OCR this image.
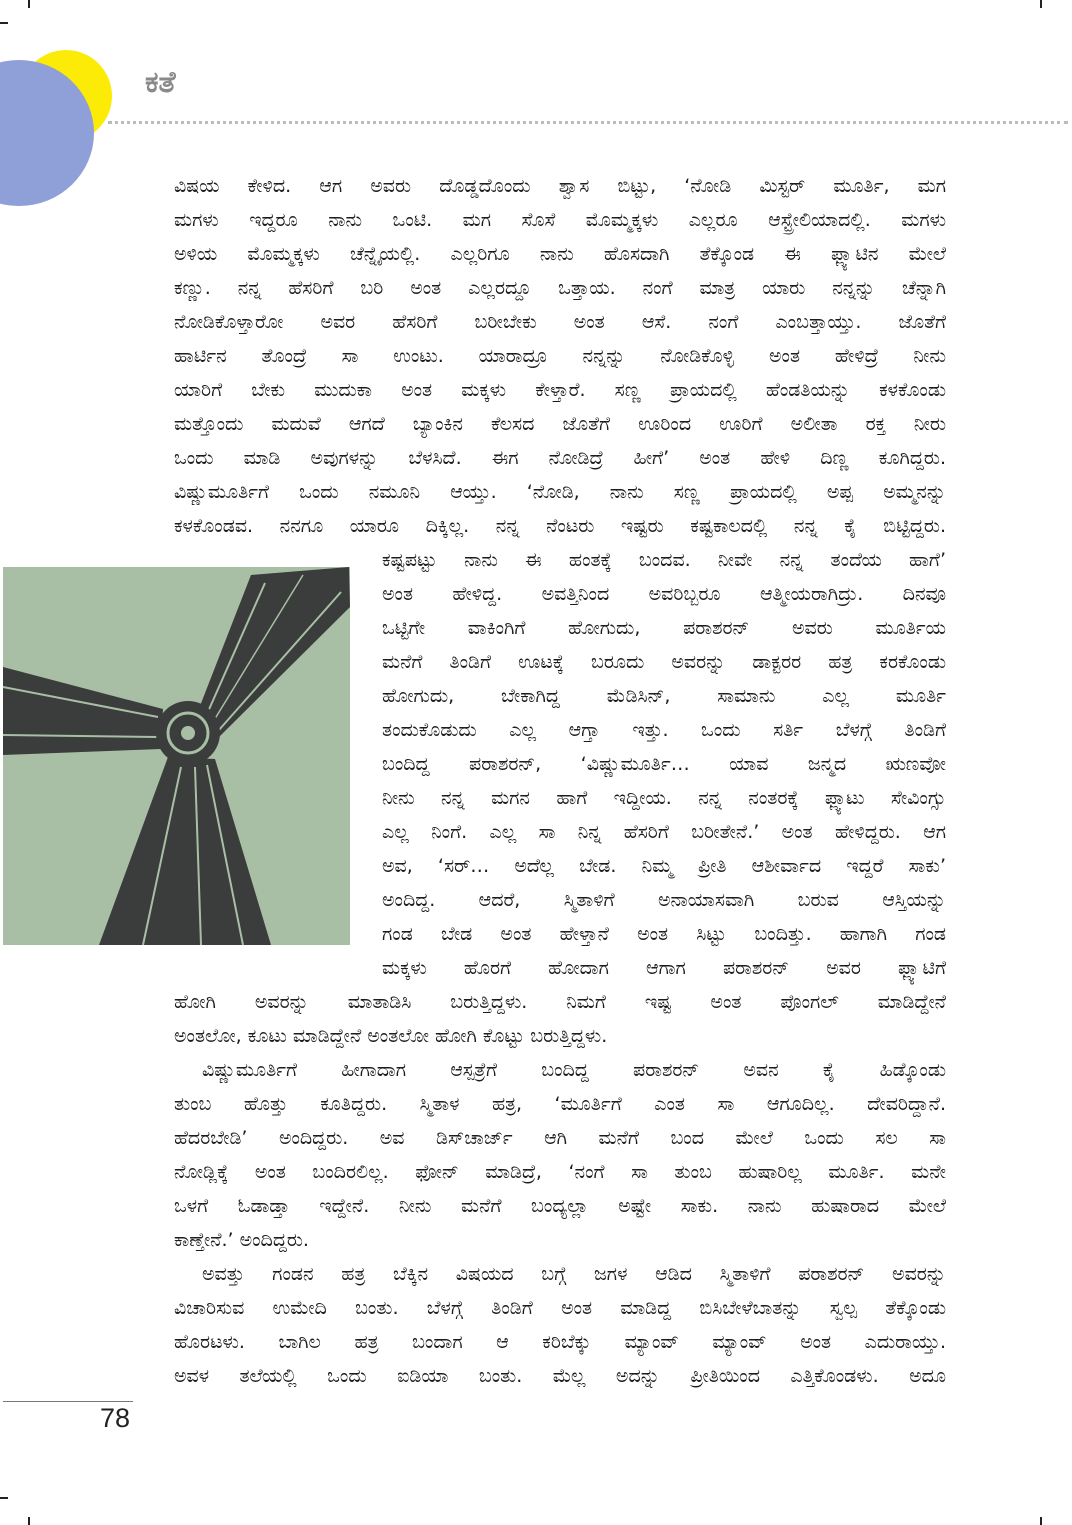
ಕತೆ
ವಿಷಯ ಕೇಳಿದ. ಆಗ ಅವರು ದೊಡ್ಡದೊಂದು ಶ್ವಾಸ ಬಿಟ್ಟು, ‘ನೋಡಿ ಮಿಸ್ಟರ್ ಮೂರ್ತಿ, ಮಗ
ಮಗಳು ಇದ್ದರೂ ನಾನು ಒಂಟಿ. ಮಗ ಸೊಸೆ ಮೊಮ್ಮಕ್ಕಳು ಎಲ್ಲರೂ ಆಸ್ಟ್ರೇಲಿಯಾದಲ್ಲಿ. ಮಗಳು
ಅಳಿಯ ಮೊಮ್ಮಕ್ಕಳು ಚೆನ್ನೈಯಲ್ಲಿ. ಎಲ್ಲರಿಗೂ ನಾನು ಹೊಸದಾಗಿ ತೆಕ್ಕೊಂಡ ಈ ಫ್ಲ್ಯಾಟಿನ ಮೇಲೆ
ಕಣ್ಣು. ನನ್ನ ಹೆಸರಿಗೆ ಬರಿ ಅಂತ ಎಲ್ಲರದ್ದೂ ಒತ್ತಾಯ. ನಂಗೆ ಮಾತ್ರ ಯಾರು ನನ್ನನ್ನು ಚೆನ್ನಾಗಿ
ನೋಡಿಕೊಳ್ತಾರೋ ಅವರ ಹೆಸರಿಗೆ ಬರೀಬೇಕು ಅಂತ ಆಸೆ. ನಂಗೆ ಎಂಬತ್ತಾಯ್ತು. ಜೊತೆಗೆ
ಹಾರ್ಟಿನ ತೊಂದ್ರೆ ಸಾ ಉಂಟು. ಯಾರಾದ್ರೂ ನನ್ನನ್ನು ನೋಡಿಕೊಳ್ಳಿ ಅಂತ ಹೇಳಿದ್ರೆ ನೀನು
ಯಾರಿಗೆ ಬೇಕು ಮುದುಕಾ ಅಂತ ಮಕ್ಕಳು ಕೇಳ್ತಾರೆ. ಸಣ್ಣ ಪ್ರಾಯದಲ್ಲಿ ಹೆಂಡತಿಯನ್ನು ಕಳಕೊಂಡು
ಮತ್ತೊಂದು ಮದುವೆ ಆಗದೆ ಬ್ಯಾಂಕಿನ ಕೆಲಸದ ಜೊತೆಗೆ ಊರಿಂದ ಊರಿಗೆ ಅಲೀತಾ ರಕ್ತ ನೀರು
ಒಂದು ಮಾಡಿ ಅವುಗಳನ್ನು ಬೆಳಸಿದೆ. ಈಗ ನೋಡಿದ್ರೆ ಹೀಗೆ’ ಅಂತ ಹೇಳಿ ದಿಣ್ಣ ಕೂಗಿದ್ದರು.
ವಿಷ್ಣುಮೂರ್ತಿಗೆ ಒಂದು ನಮೂನಿ ಆಯ್ತು. ‘ನೋಡಿ, ನಾನು ಸಣ್ಣ ಪ್ರಾಯದಲ್ಲಿ ಅಪ್ಪ ಅಮ್ಮನನ್ನು
ಕಳಕೊಂಡವ. ನನಗೂ ಯಾರೂ ದಿಕ್ಕಿಲ್ಲ. ನನ್ನ ನೆಂಟರು ಇಷ್ಟರು ಕಷ್ಟಕಾಲದಲ್ಲಿ ನನ್ನ ಕೈ ಬಿಟ್ಟಿದ್ದರು.
ಕಷ್ಟಪಟ್ಟು ನಾನು ಈ ಹಂತಕ್ಕೆ ಬಂದವ. ನೀವೇ ನನ್ನ ತಂದೆಯ ಹಾಗೆ’
ಅಂತ ಹೇಳಿದ್ದ. ಅವತ್ತಿನಿಂದ ಅವರಿಬ್ಬರೂ ಆತ್ಮೀಯರಾಗಿದ್ರು. ದಿನವೂ
ಒಟ್ಟಿಗೇ ವಾಕಿಂಗಿಗೆ ಹೋಗುದು, ಪರಾಶರನ್ ಅವರು ಮೂರ್ತಿಯ
ಮನೆಗೆ ತಿಂಡಿಗೆ ಊಟಕ್ಕೆ ಬರೂದು ಅವರನ್ನು ಡಾಕ್ಟರರ ಹತ್ರ ಕರಕೊಂಡು
ಹೋಗುದು, ಬೇಕಾಗಿದ್ದ ಮೆಡಿಸಿನ್, ಸಾಮಾನು ಎಲ್ಲ ಮೂರ್ತಿ
ತಂದುಕೊಡುದು ಎಲ್ಲ ಆಗ್ತಾ ಇತ್ತು. ಒಂದು ಸರ್ತಿ ಬೆಳಗ್ಗೆ ತಿಂಡಿಗೆ
ಬಂದಿದ್ದ ಪರಾಶರನ್, ‘ವಿಷ್ಣುಮೂರ್ತಿ… ಯಾವ ಜನ್ಮದ ಋಣವೋ
ನೀನು ನನ್ನ ಮಗನ ಹಾಗೆ ಇದ್ದೀಯ. ನನ್ನ ನಂತರಕ್ಕೆ ಫ್ಲ್ಯಾಟು ಸೇವಿಂಗ್ಸು
ಎಲ್ಲ ನಿಂಗೆ. ಎಲ್ಲ ಸಾ ನಿನ್ನ ಹೆಸರಿಗೆ ಬರೀತೇನೆ.’ ಅಂತ ಹೇಳಿದ್ದರು. ಆಗ
ಅವ, ‘ಸರ್… ಅದೆಲ್ಲ ಬೇಡ. ನಿಮ್ಮ ಪ್ರೀತಿ ಆಶೀರ್ವಾದ ಇದ್ದರೆ ಸಾಕು’
ಅಂದಿದ್ದ. ಆದರೆ, ಸ್ಮಿತಾಳಿಗೆ ಅನಾಯಾಸವಾಗಿ ಬರುವ ಆಸ್ತಿಯನ್ನು
ಗಂಡ ಬೇಡ ಅಂತ ಹೇಳ್ತಾನೆ ಅಂತ ಸಿಟ್ಟು ಬಂದಿತ್ತು. ಹಾಗಾಗಿ ಗಂಡ
ಮಕ್ಕಳು ಹೊರಗೆ ಹೋದಾಗ ಆಗಾಗ ಪರಾಶರನ್ ಅವರ ಫ್ಲ್ಯಾಟಿಗೆ
ಹೋಗಿ ಅವರನ್ನು ಮಾತಾಡಿಸಿ ಬರುತ್ತಿದ್ದಳು. ನಿಮಗೆ ಇಷ್ಟ ಅಂತ ಪೊಂಗಲ್ ಮಾಡಿದ್ದೇನೆ
ಅಂತಲೋ, ಕೂಟು ಮಾಡಿದ್ದೇನೆ ಅಂತಲೋ ಹೋಗಿ ಕೊಟ್ಟು ಬರುತ್ತಿದ್ದಳು.
ವಿಷ್ಣುಮೂರ್ತಿಗೆ ಹೀಗಾದಾಗ ಆಸ್ಪತ್ರೆಗೆ ಬಂದಿದ್ದ ಪರಾಶರನ್ ಅವನ ಕೈ ಹಿಡ್ಕೊಂಡು
ತುಂಬ ಹೊತ್ತು ಕೂತಿದ್ದರು. ಸ್ಮಿತಾಳ ಹತ್ರ, ‘ಮೂರ್ತಿಗೆ ಎಂತ ಸಾ ಆಗೂದಿಲ್ಲ. ದೇವರಿದ್ದಾನೆ.
ಹೆದರಬೇಡಿ’ ಅಂದಿದ್ದರು. ಅವ ಡಿಸ್‌ಚಾರ್ಜ್ ಆಗಿ ಮನೆಗೆ ಬಂದ ಮೇಲೆ ಒಂದು ಸಲ ಸಾ
ನೋಡ್ಲಿಕ್ಕೆ ಅಂತ ಬಂದಿರಲಿಲ್ಲ. ಫೋನ್ ಮಾಡಿದ್ರೆ, ‘ನಂಗೆ ಸಾ ತುಂಬ ಹುಷಾರಿಲ್ಲ ಮೂರ್ತಿ. ಮನೇ
ಒಳಗೆ ಓಡಾಡ್ತಾ ಇದ್ದೇನೆ. ನೀನು ಮನೆಗೆ ಬಂದ್ಯಲ್ಲಾ ಅಷ್ಟೇ ಸಾಕು. ನಾನು ಹುಷಾರಾದ ಮೇಲೆ
ಕಾಣ್ತೇನೆ.’ ಅಂದಿದ್ದರು.
ಅವತ್ತು ಗಂಡನ ಹತ್ರ ಬೆಕ್ಕಿನ ವಿಷಯದ ಬಗ್ಗೆ ಜಗಳ ಆಡಿದ ಸ್ಮಿತಾಳಿಗೆ ಪರಾಶರನ್ ಅವರನ್ನು
ವಿಚಾರಿಸುವ ಉಮೇದಿ ಬಂತು. ಬೆಳಗ್ಗೆ ತಿಂಡಿಗೆ ಅಂತ ಮಾಡಿದ್ದ ಬಿಸಿಬೇಳೆಬಾತನ್ನು ಸ್ವಲ್ಪ ತೆಕ್ಕೊಂಡು
ಹೊರಟಳು. ಬಾಗಿಲ ಹತ್ರ ಬಂದಾಗ ಆ ಕರಿಬೆಕ್ಕು ಮ್ಯಾಂವ್ ಮ್ಯಾಂವ್ ಅಂತ ಎದುರಾಯ್ತು.
ಅವಳ ತಲೆಯಲ್ಲಿ ಒಂದು ಐಡಿಯಾ ಬಂತು. ಮೆಲ್ಲ ಅದನ್ನು ಪ್ರೀತಿಯಿಂದ ಎತ್ತಿಕೊಂಡಳು. ಅದೂ
78
